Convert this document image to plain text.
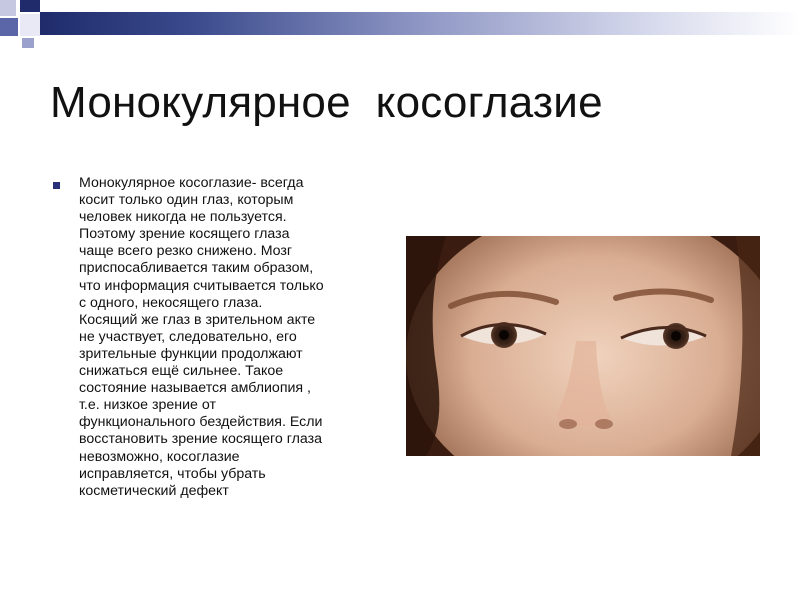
Монокулярное  косоглазие
Монокулярное косоглазие- всегда
косит только один глаз, которым
человек никогда не пользуется.
Поэтому зрение косящего глаза
чаще всего резко снижено. Мозг
приспосабливается таким образом,
что информация считывается только
с одного, некосящего глаза.
Косящий же глаз в зрительном акте
не участвует, следовательно, его
зрительные функции продолжают
снижаться ещё сильнее. Такое
состояние называется амблиопия ,
т.е. низкое зрение от
функционального бездействия. Если
восстановить зрение косящего глаза
невозможно, косоглазие
исправляется, чтобы убрать
косметический дефект
